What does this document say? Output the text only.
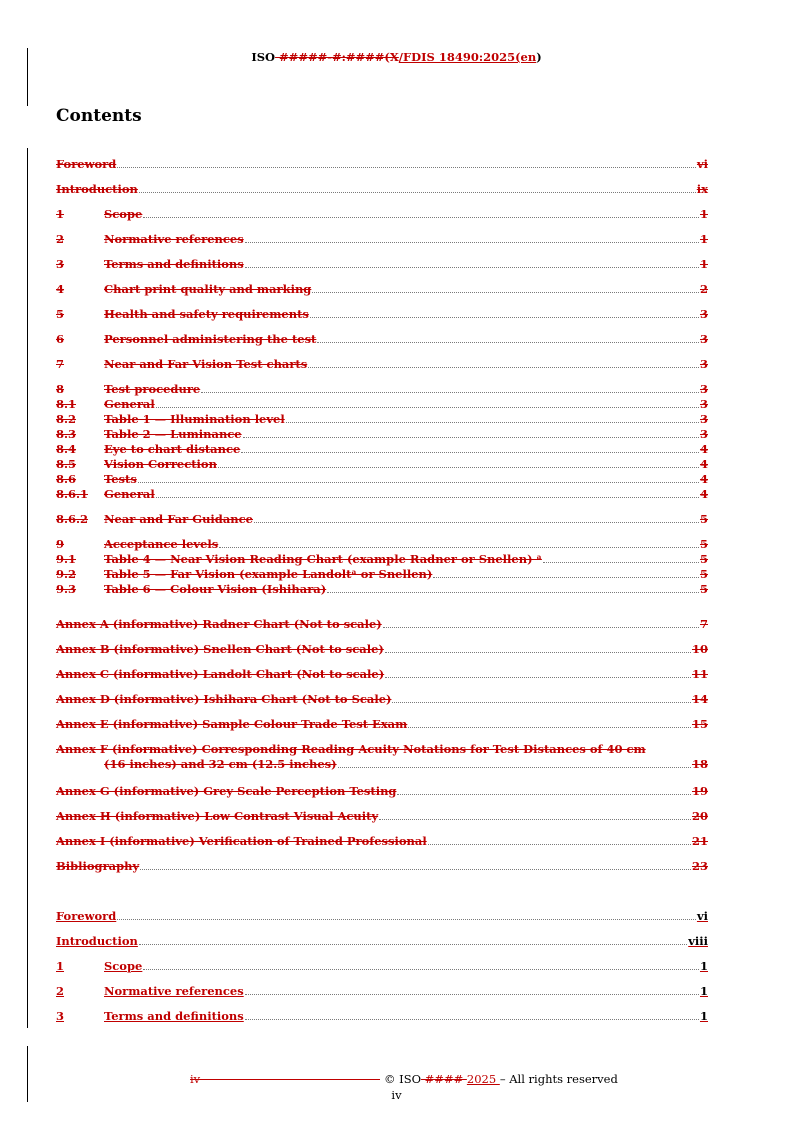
ISO #####-#:####(X/FDIS 18490:2025(en)
Contents
Foreword	vi
Introduction	ix
1	Scope	1
2	Normative references	1
3	Terms and definitions	1
4	Chart print quality and marking	2
5	Health and safety requirements	3
6	Personnel administering the test	3
7	Near and Far Vision Test charts	3
8	Test procedure	3
8.1	General	3
8.2	Table 1 — Illumination level	3
8.3	Table 2 — Luminance	3
8.4	Eye to chart distance	4
8.5	Vision Correction	4
8.6	Tests	4
8.6.1	General	4
8.6.2	Near and Far Guidance	5
9	Acceptance levels	5
9.1	Table 4 — Near Vision Reading Chart (example Radner or Snellen) ᵃ	5
9.2	Table 5 — Far Vision (example Landoltᵃ or Snellen)	5
9.3	Table 6 — Colour Vision (Ishihara)	5
Annex A (informative) Radner Chart (Not to scale)	7
Annex B (informative) Snellen Chart (Not to scale)	10
Annex C (informative) Landolt Chart (Not to scale)	11
Annex D (informative) Ishihara Chart (Not to Scale)	14
Annex E (informative) Sample Colour Trade Test Exam	15
Annex F (informative) Corresponding Reading Acuity Notations for Test Distances of 40 cm
(16 inches) and 32 cm (12.5 inches)	18
Annex G (informative) Grey Scale Perception Testing	19
Annex H (informative) Low Contrast Visual Acuity	20
Annex I (informative) Verification of Trained Professional	21
Bibliography	23
Foreword	vi
Introduction	viii
1	Scope	1
2	Normative references	1
3	Terms and definitions	1
iv	© ISO #### 2025 – All rights reserved
iv
